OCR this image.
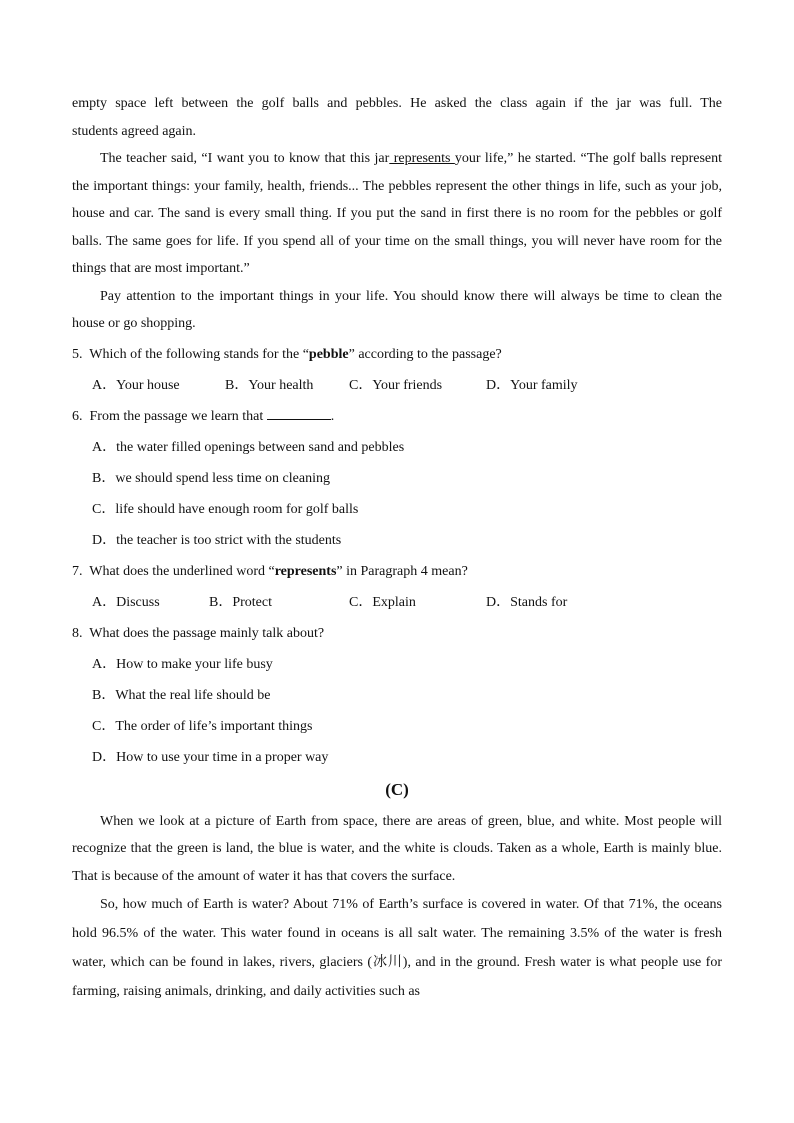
empty space left between the golf balls and pebbles. He asked the class again if the jar was full. The
students agreed again.

The teacher said, “I want you to know that this jar represents your life,” he started. “The golf balls represent the important things: your family, health, friends... The pebbles represent the other things in life, such as your job, house and car. The sand is every small thing. If you put the sand in first there is no room for the pebbles or golf balls. The same goes for life. If you spend all of your time on the small things, you will never have room for the things that are most important.”

Pay attention to the important things in your life. You should know there will always be time to clean the house or go shopping.

5. Which of the following stands for the “pebble” according to the passage?

A．Your house	B．Your health	C．Your friends	D．Your family

6. From the passage we learn that	.

A．the water filled openings between sand and pebbles

B．we should spend less time on cleaning

C．life should have enough room for golf balls

D．the teacher is too strict with the students

7. What does the underlined word “represents” in Paragraph 4 mean?

A．Discuss	B．Protect	C．Explain	D．Stands for

8. What does the passage mainly talk about?

A．How to make your life busy

B．What the real life should be

C．The order of life’s important things

D．How to use your time in a proper way

(C)

When we look at a picture of Earth from space, there are areas of green, blue, and white. Most people will recognize that the green is land, the blue is water, and the white is clouds. Taken as a whole, Earth is mainly blue. That is because of the amount of water it has that covers the surface.

So, how much of Earth is water? About 71% of Earth’s surface is covered in water. Of that 71%, the oceans hold 96.5% of the water. This water found in oceans is all salt water. The remaining 3.5% of the water is fresh water, which can be found in lakes, rivers, glaciers (冰川), and in the ground. Fresh water is what people use for farming, raising animals, drinking, and daily activities such as
